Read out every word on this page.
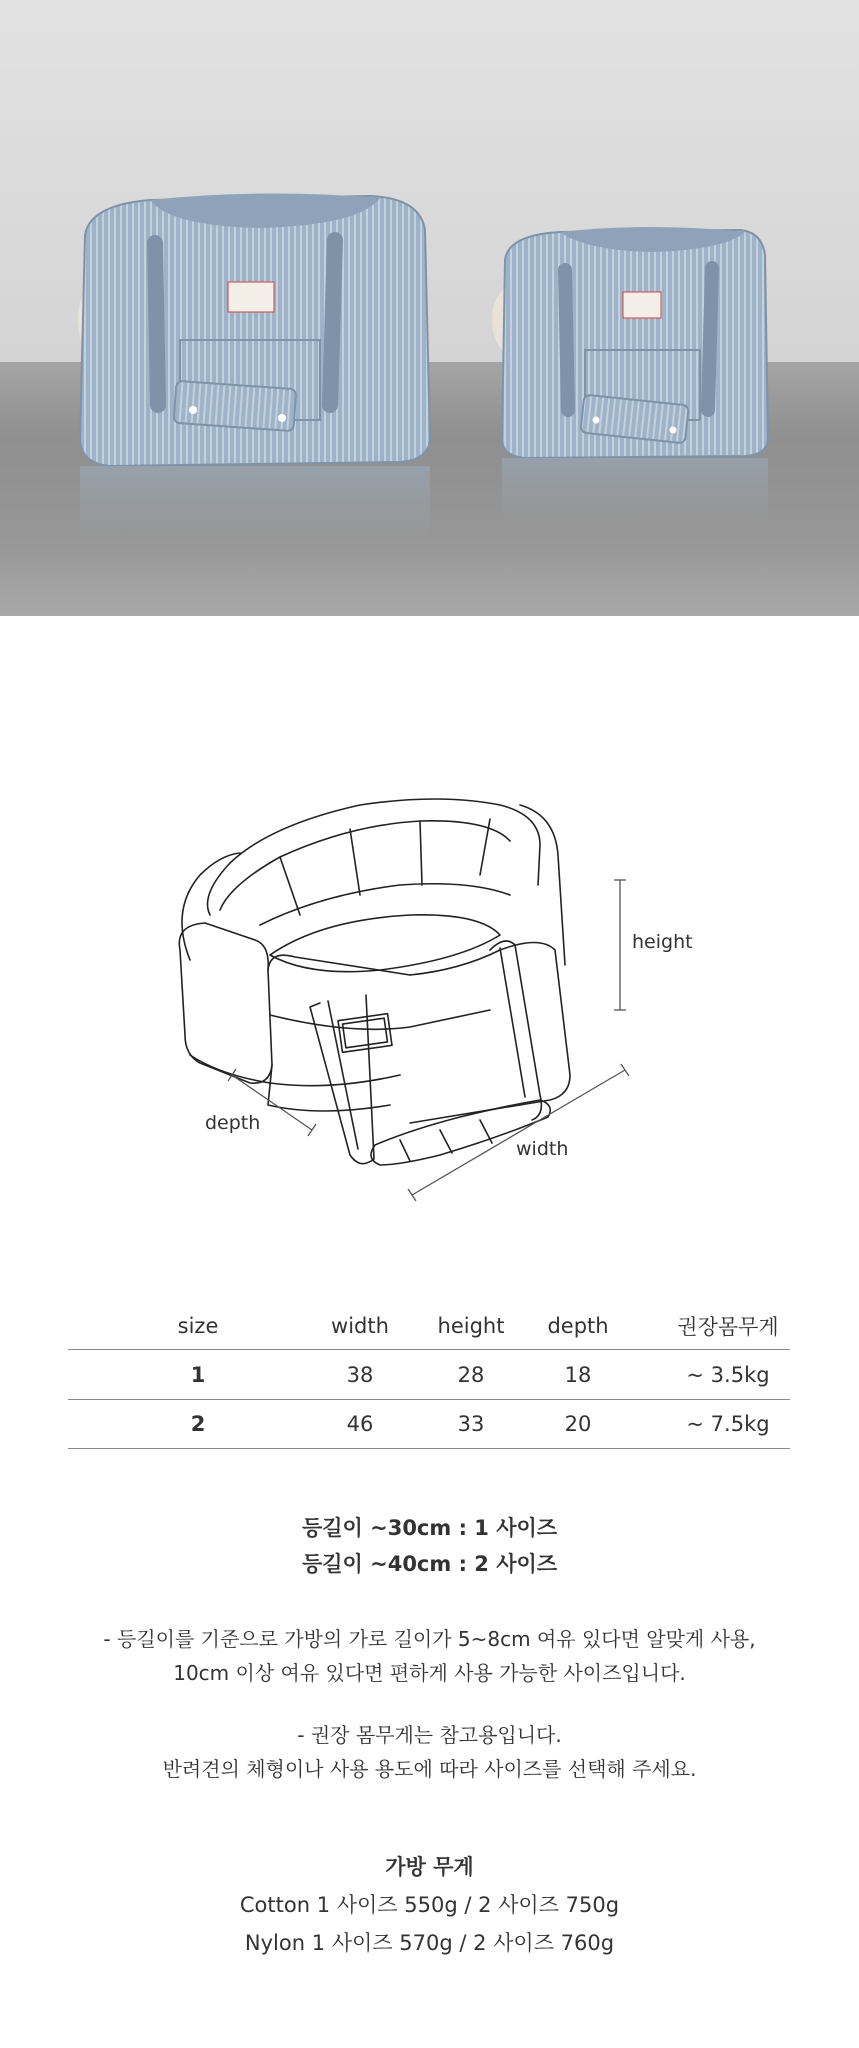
height
depth
width
size	width	height	depth	권장몸무게
1	38	28	18	~ 3.5kg
2	46	33	20	~ 7.5kg
등길이 ~30cm : 1 사이즈
등길이 ~40cm : 2 사이즈
- 등길이를 기준으로 가방의 가로 길이가 5~8cm 여유 있다면 알맞게 사용,
10cm 이상 여유 있다면 편하게 사용 가능한 사이즈입니다.
- 권장 몸무게는 참고용입니다.
반려견의 체형이나 사용 용도에 따라 사이즈를 선택해 주세요.
가방 무게
Cotton 1 사이즈 550g / 2 사이즈 750g
Nylon 1 사이즈 570g / 2 사이즈 760g
